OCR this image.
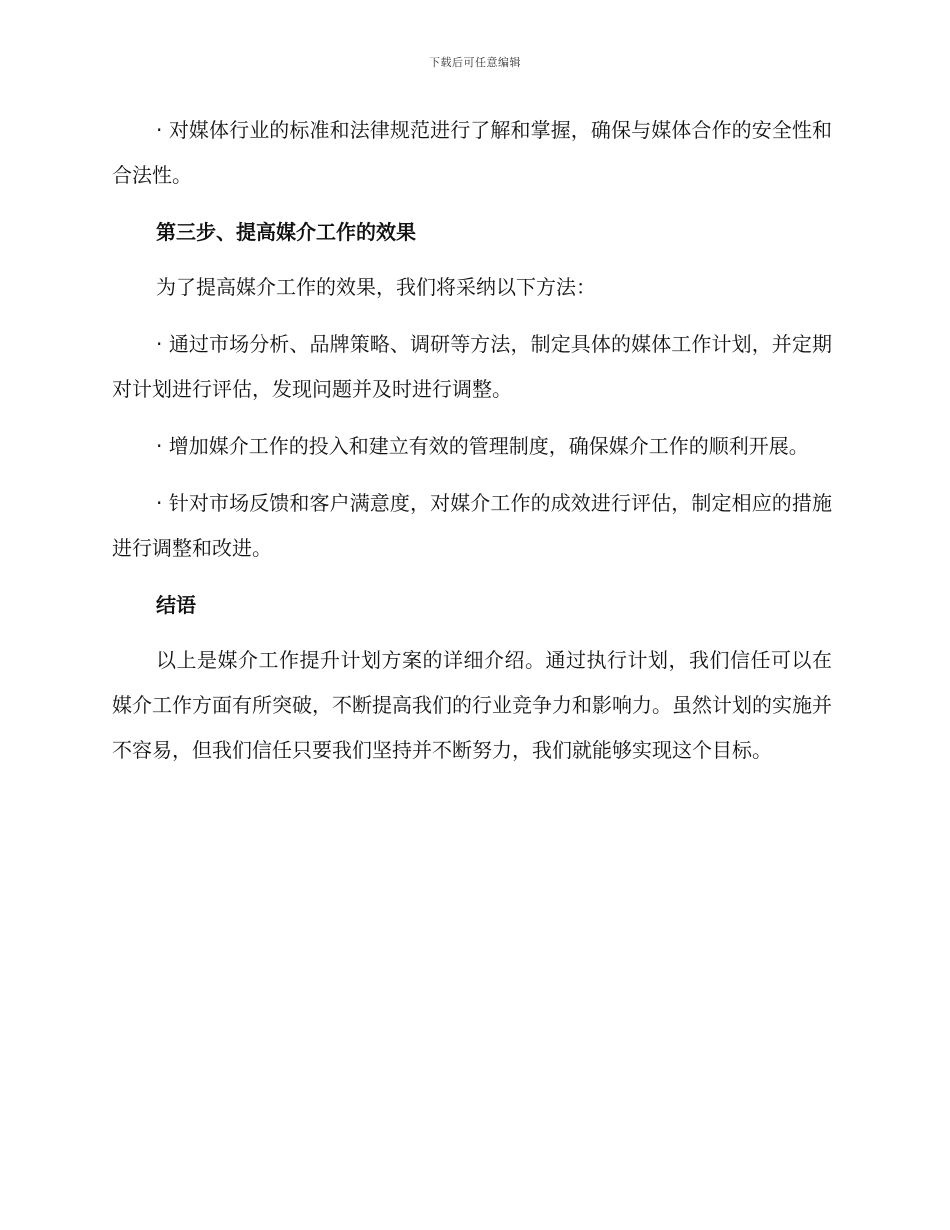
下载后可任意编辑

· 对媒体行业的标准和法律规范进行了解和掌握，确保与媒体合作的安全性和合法性。

第三步、提高媒介工作的效果

为了提高媒介工作的效果，我们将采纳以下方法：

· 通过市场分析、品牌策略、调研等方法，制定具体的媒体工作计划，并定期对计划进行评估，发现问题并及时进行调整。

· 增加媒介工作的投入和建立有效的管理制度，确保媒介工作的顺利开展。

· 针对市场反馈和客户满意度，对媒介工作的成效进行评估，制定相应的措施进行调整和改进。

结语

以上是媒介工作提升计划方案的详细介绍。通过执行计划，我们信任可以在媒介工作方面有所突破，不断提高我们的行业竞争力和影响力。虽然计划的实施并不容易，但我们信任只要我们坚持并不断努力，我们就能够实现这个目标。
